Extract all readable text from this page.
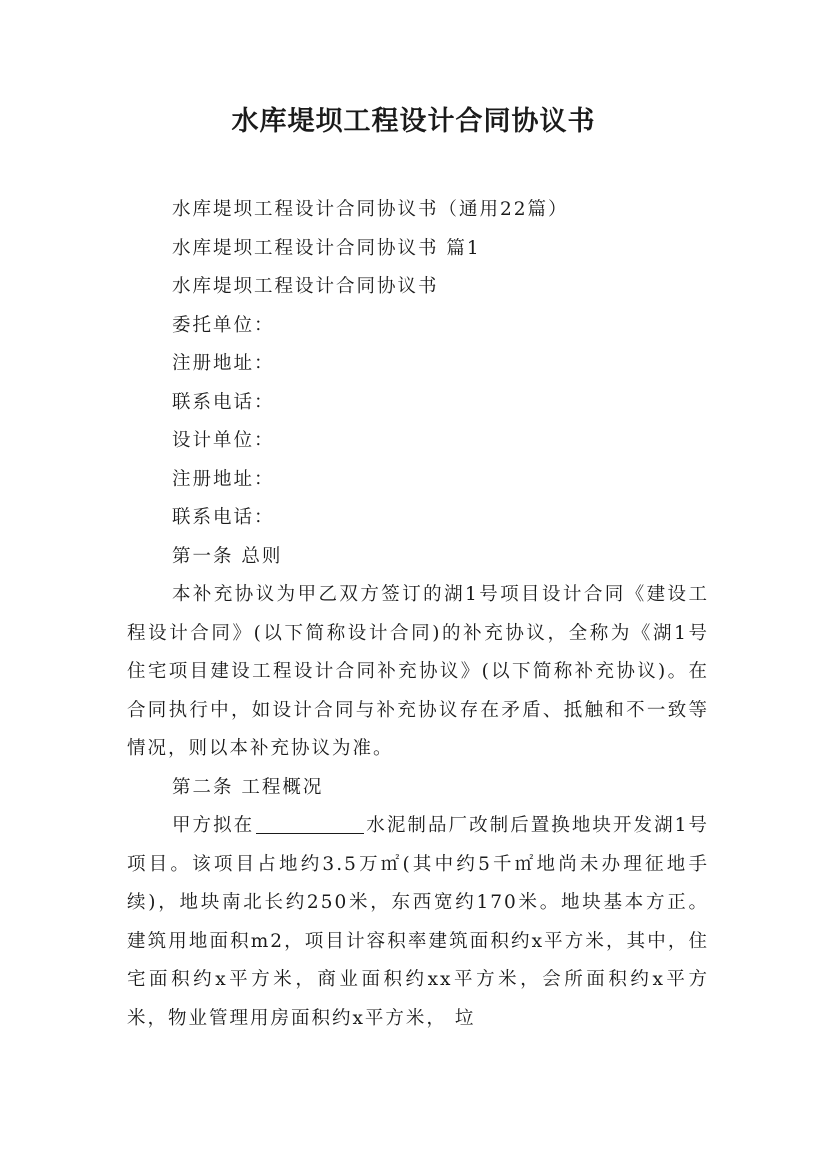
水库堤坝工程设计合同协议书

水库堤坝工程设计合同协议书（通用22篇）

水库堤坝工程设计合同协议书 篇1

水库堤坝工程设计合同协议书

委托单位：

注册地址：

联系电话：

设计单位：

注册地址：

联系电话：

第一条 总则

本补充协议为甲乙双方签订的湖1号项目设计合同《建设工程设计合同》(以下简称设计合同)的补充协议，全称为《湖1号住宅项目建设工程设计合同补充协议》(以下简称补充协议)。在合同执行中，如设计合同与补充协议存在矛盾、抵触和不一致等情况，则以本补充协议为准。

第二条 工程概况

甲方拟在	水泥制品厂改制后置换地块开发湖1号项目。该项目占地约3.5万㎡(其中约5千㎡地尚未办理征地手续)，地块南北长约250米，东西宽约170米。地块基本方正。建筑用地面积m2，项目计容积率建筑面积约x平方米，其中，住宅面积约x平方米，商业面积约xx平方米，会所面积约x平方米，物业管理用房面积约x平方米， 垃
